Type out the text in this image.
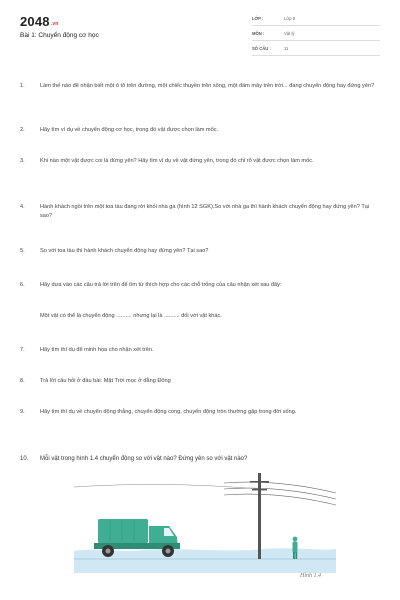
2048.vn
Bài 1: Chuyển động cơ học
LỚP :	Lớp 8
MÔN :	Vật lý
SỐ CÂU :	11
1.	Làm thế nào để nhận biết một ô tô trên đường, một chiếc thuyền trên sông, một đám mây trên trời... đang chuyển động hay đứng yên?
2.	Hãy tìm ví dụ về chuyển động cơ học, trong đó vật được chọn làm mốc.
3.	Khi nào một vật được coi là đứng yên? Hãy tìm ví dụ về vật đứng yên, trong đó chỉ rõ vật được chọn làm mốc.
4.	Hành khách ngồi trên một toa tàu đang rời khỏi nhà ga (hình 12 SGK).So với nhà ga thì hành khách chuyển động hay đứng yên? Tại sao?
5.	So với toa tàu thì hành khách chuyển động hay đứng yên? Tại sao?
6.	Hãy dựa vào các câu trả lời trên để tìm từ thích hợp cho các chỗ trống của câu nhận xét sau đây:
Một vật có thể là chuyển động .......... nhưng lại là .......... đối với vật khác.
7.	Hãy tìm thí dụ để minh họa cho nhận xét trên.
8.	Trả lời câu hỏi ở đầu bài: Mặt Trời mọc ở đằng Đông
9.	Hãy tìm thí dụ về chuyển động thẳng, chuyển động cong, chuyển động tròn thường gặp trong đời sống.
10.	Mỗi vật trong hình 1.4 chuyển động so với vật nào? Đứng yên so với vật nào?
Hình 1.4
